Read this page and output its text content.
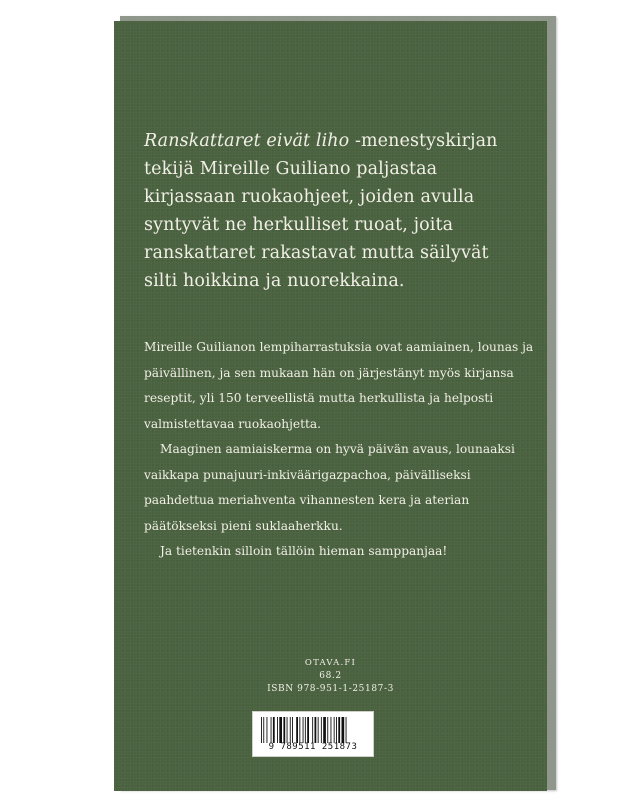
Ranskattaret eivät liho -menestyskirjan tekijä Mireille Guiliano paljastaa kirjassaan ruokaohjeet, joiden avulla syntyvät ne herkulliset ruoat, joita ranskattaret rakastavat mutta säilyvät silti hoikkina ja nuorekkaina.

Mireille Guilianon lempiharrastuksia ovat aamiainen, lounas ja päivällinen, ja sen mukaan hän on järjestänyt myös kirjansa reseptit, yli 150 terveellistä mutta herkullista ja helposti valmistettavaa ruokaohjetta.

Maaginen aamiaiskerma on hyvä päivän avaus, lounaaksi vaikkapa punajuuri-inkiväärigazpachoa, päivälliseksi paahdettua meriahventa vihannesten kera ja aterian päätökseksi pieni suklaaherkku.

Ja tietenkin silloin tällöin hieman samppanjaa!

OTAVA.FI
68.2
ISBN 978-951-1-25187-3
9 789511 251873
